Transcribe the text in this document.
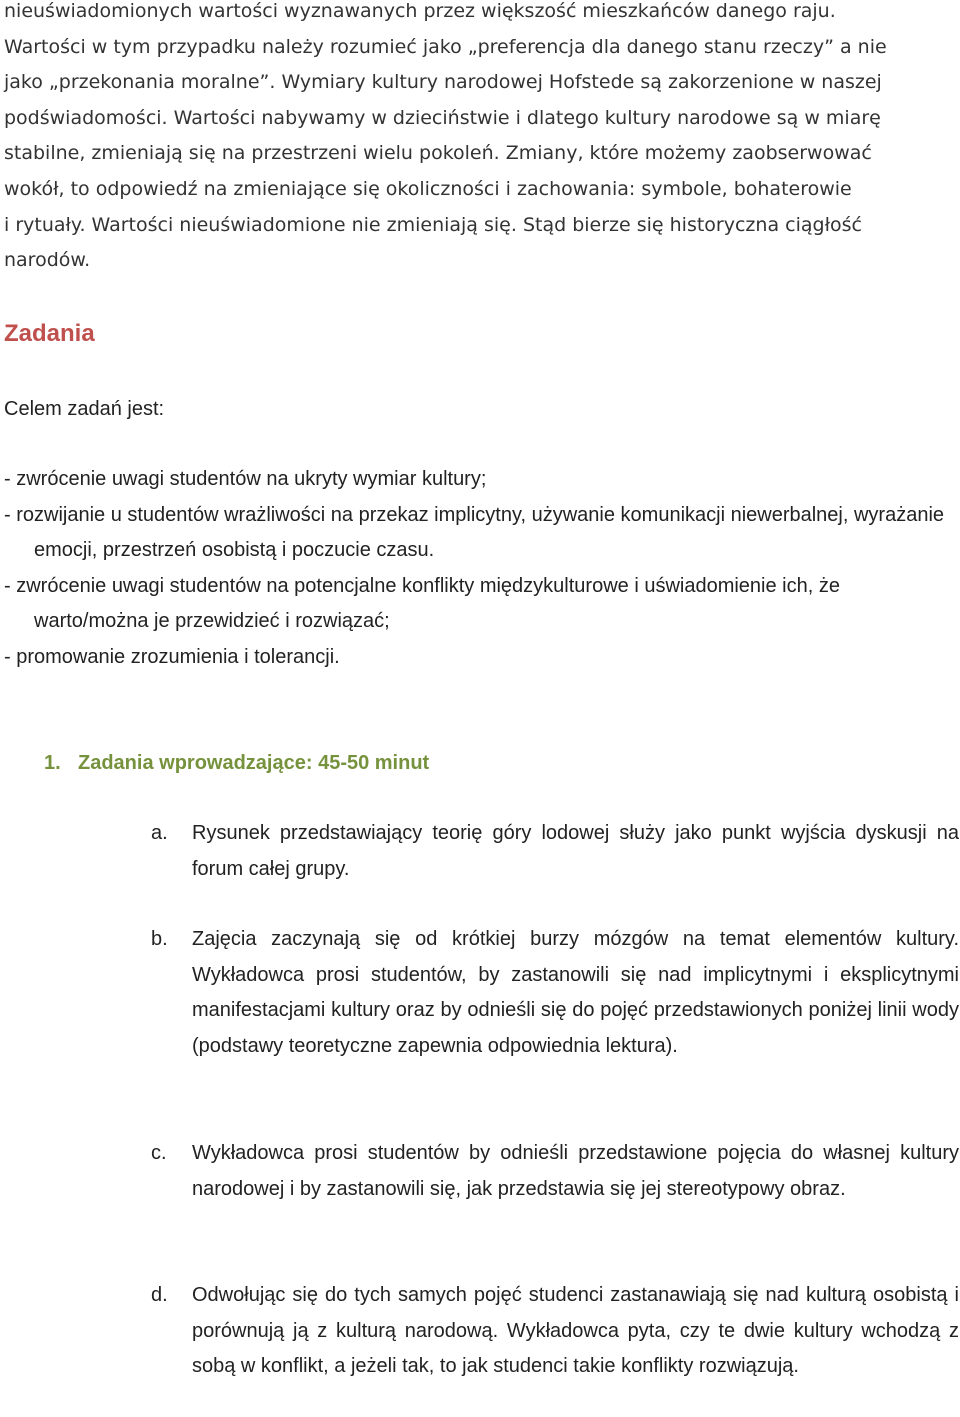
nieuświadomionych wartości wyznawanych przez większość mieszkańców danego raju.
Wartości w tym przypadku należy rozumieć jako „preferencja dla danego stanu rzeczy” a nie
jako „przekonania moralne”. Wymiary kultury narodowej Hofstede są zakorzenione w naszej
podświadomości. Wartości nabywamy w dzieciństwie i dlatego kultury narodowe są w miarę
stabilne, zmieniają się na przestrzeni wielu pokoleń. Zmiany, które możemy zaobserwować
wokół, to odpowiedź na zmieniające się okoliczności i zachowania: symbole, bohaterowie
i rytuały. Wartości nieuświadomione nie zmieniają się. Stąd bierze się historyczna ciągłość
narodów.
Zadania

Celem zadań jest:

- zwrócenie uwagi studentów na ukryty wymiar kultury;
- rozwijanie u studentów wrażliwości na przekaz implicytny, używanie komunikacji niewerbalnej, wyrażanie emocji, przestrzeń osobistą i poczucie czasu.
- zwrócenie uwagi studentów na potencjalne konflikty międzykulturowe i uświadomienie ich, że warto/można je przewidzieć i rozwiązać;
- promowanie zrozumienia i tolerancji.
1. Zadania wprowadzające: 45-50 minut
a. Rysunek przedstawiający teorię góry lodowej służy jako punkt wyjścia dyskusji na forum całej grupy.
b. Zajęcia zaczynają się od krótkiej burzy mózgów na temat elementów kultury. Wykładowca prosi studentów, by zastanowili się nad implicytnymi i eksplicytnymi manifestacjami kultury oraz by odnieśli się do pojęć przedstawionych poniżej linii wody (podstawy teoretyczne zapewnia odpowiednia lektura).
c. Wykładowca prosi studentów by odnieśli przedstawione pojęcia do własnej kultury narodowej i by zastanowili się, jak przedstawia się jej stereotypowy obraz.
d. Odwołując się do tych samych pojęć studenci zastanawiają się nad kulturą osobistą i porównują ją z kulturą narodową. Wykładowca pyta, czy te dwie kultury wchodzą z sobą w konflikt, a jeżeli tak, to jak studenci takie konflikty rozwiązują.
